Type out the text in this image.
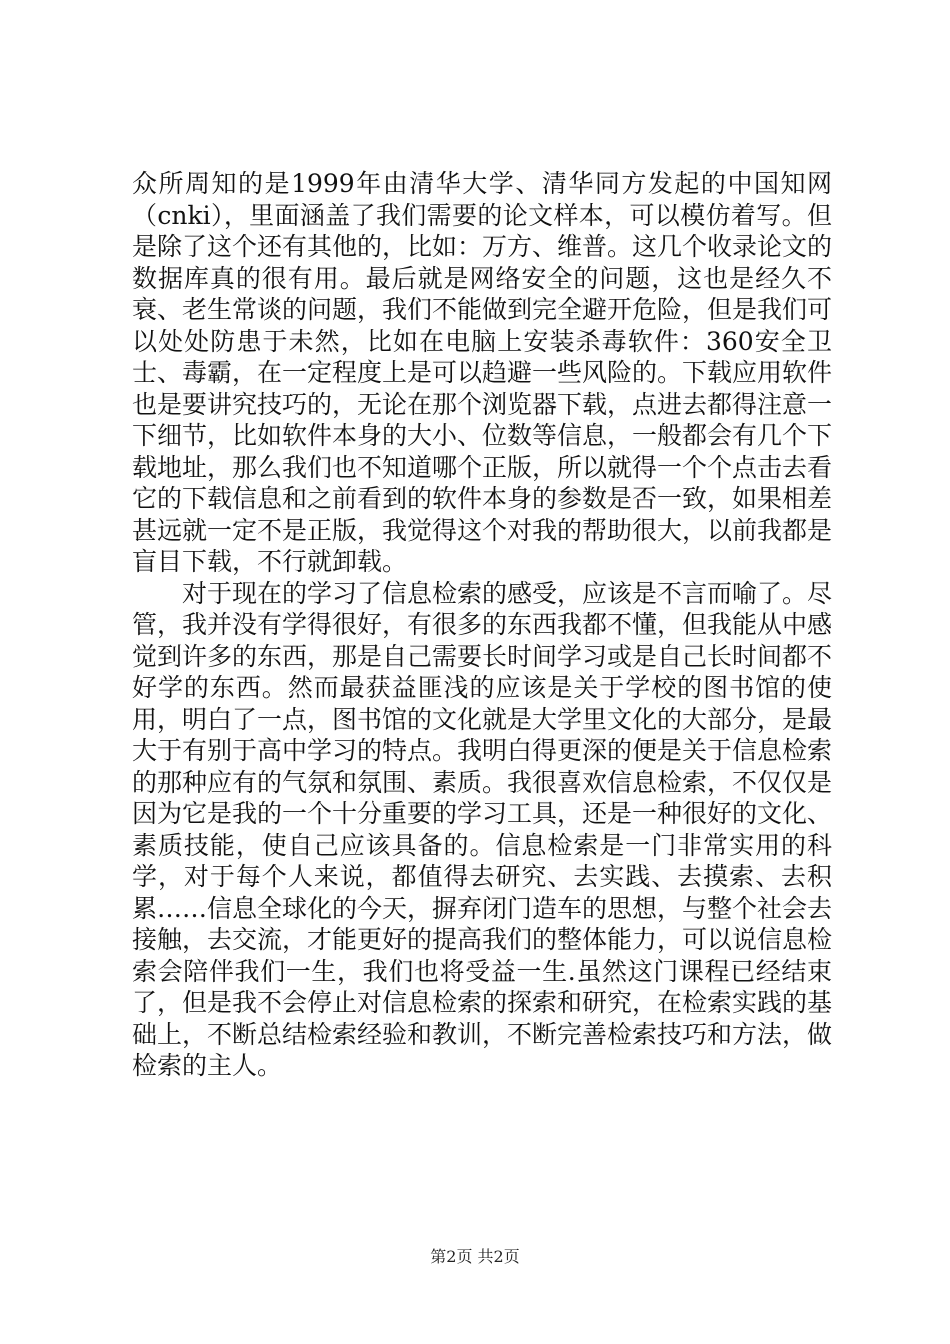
众所周知的是1999年由清华大学、清华同方发起的中国知网（cnki），里面涵盖了我们需要的论文样本，可以模仿着写。但是除了这个还有其他的，比如：万方、维普。这几个收录论文的数据库真的很有用。最后就是网络安全的问题，这也是经久不衰、老生常谈的问题，我们不能做到完全避开危险，但是我们可以处处防患于未然，比如在电脑上安装杀毒软件：360安全卫士、毒霸，在一定程度上是可以趋避一些风险的。下载应用软件也是要讲究技巧的，无论在那个浏览器下载，点进去都得注意一下细节，比如软件本身的大小、位数等信息，一般都会有几个下载地址，那么我们也不知道哪个正版，所以就得一个个点击去看它的下载信息和之前看到的软件本身的参数是否一致，如果相差甚远就一定不是正版，我觉得这个对我的帮助很大，以前我都是盲目下载，不行就卸载。

对于现在的学习了信息检索的感受，应该是不言而喻了。尽管，我并没有学得很好，有很多的东西我都不懂，但我能从中感觉到许多的东西，那是自己需要长时间学习或是自己长时间都不好学的东西。然而最获益匪浅的应该是关于学校的图书馆的使用，明白了一点，图书馆的文化就是大学里文化的大部分，是最大于有别于高中学习的特点。我明白得更深的便是关于信息检索的那种应有的气氛和氛围、素质。我很喜欢信息检索，不仅仅是因为它是我的一个十分重要的学习工具，还是一种很好的文化、素质技能，使自己应该具备的。信息检索是一门非常实用的科学，对于每个人来说，都值得去研究、去实践、去摸索、去积累……信息全球化的今天，摒弃闭门造车的思想，与整个社会去接触，去交流，才能更好的提高我们的整体能力，可以说信息检索会陪伴我们一生，我们也将受益一生.虽然这门课程已经结束了，但是我不会停止对信息检索的探索和研究，在检索实践的基础上，不断总结检索经验和教训，不断完善检索技巧和方法，做检索的主人。

第2页 共2页
